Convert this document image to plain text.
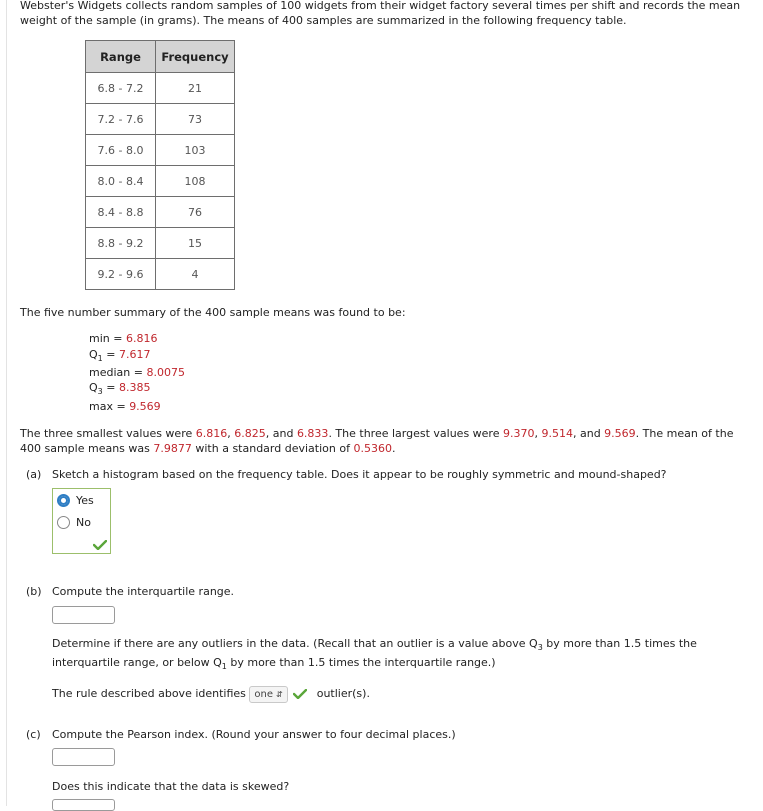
Webster's Widgets collects random samples of 100 widgets from their widget factory several times per shift and records the mean

weight of the sample (in grams). The means of 400 samples are summarized in the following frequency table.

Range	Frequency
6.8 - 7.2	21
7.2 - 7.6	73
7.6 - 8.0	103
8.0 - 8.4	108
8.4 - 8.8	76
8.8 - 9.2	15
9.2 - 9.6	4

The five number summary of the 400 sample means was found to be:

min = 6.816

$Q_1 = 7.617$

median = 8.0075

$Q_3 = 8.385$

max = 9.569

The three smallest values were 6.816, 6.825, and 6.833. The three largest values were 9.370, 9.514, and 9.569. The mean of the

400 sample means was 7.9877 with a standard deviation of 0.5360.

(a) Sketch a histogram based on the frequency table. Does it appear to be roughly symmetric and mound-shaped?

Yes
No

(b) Compute the interquartile range.

Determine if there are any outliers in the data. (Recall that an outlier is a value above $Q_3$ by more than 1.5 times the

interquartile range, or below $Q_1$ by more than 1.5 times the interquartile range.)

The rule described above identifies one ⇵	outlier(s).

(c) Compute the Pearson index. (Round your answer to four decimal places.)

Does this indicate that the data is skewed?
